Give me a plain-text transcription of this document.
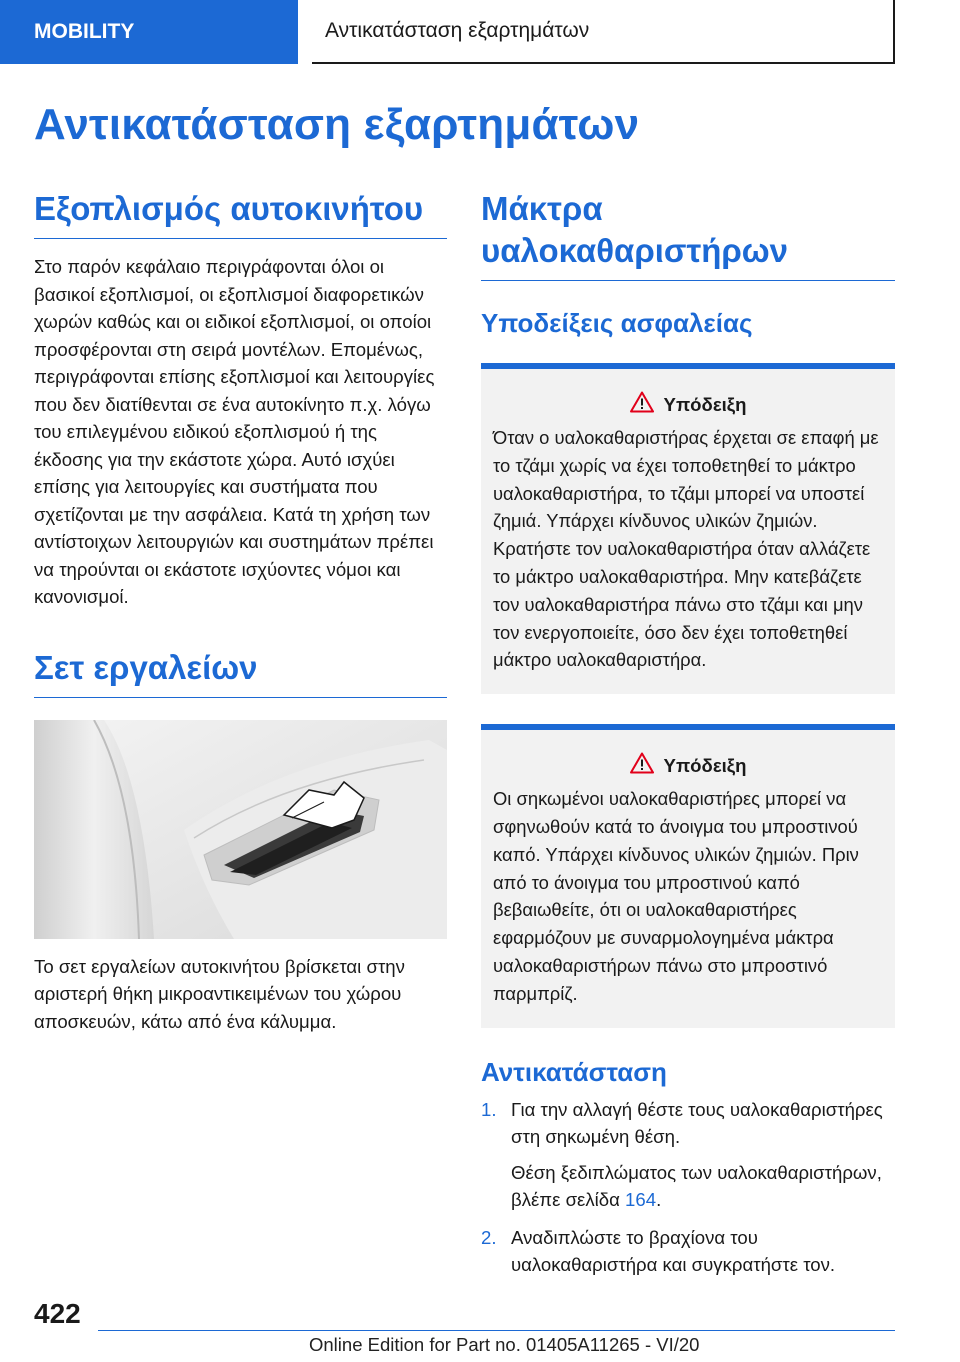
MOBILITY	Αντικατάσταση εξαρτημάτων
Αντικατάσταση εξαρτημάτων
Εξοπλισμός αυτοκινήτου

Στο παρόν κεφάλαιο περιγράφονται όλοι οι βασικοί εξοπλισμοί, οι εξοπλισμοί διαφορετικών χωρών καθώς και οι ειδικοί εξοπλισμοί, οι οποίοι προσφέρονται στη σειρά μοντέλων. Επομένως, περιγράφονται επίσης εξοπλισμοί και λειτουργίες που δεν διατίθενται σε ένα αυτοκίνητο π.χ. λόγω του επιλεγμένου ειδικού εξοπλισμού ή της έκδοσης για την εκάστοτε χώρα. Αυτό ισχύει επίσης για λειτουργίες και συστήματα που σχετίζονται με την ασφάλεια. Κατά τη χρήση των αντίστοιχων λειτουργιών και συστημάτων πρέπει να τηρούνται οι εκάστοτε ισχύοντες νόμοι και κανονισμοί.

Σετ εργαλείων

Το σετ εργαλείων αυτοκινήτου βρίσκεται στην αριστερή θήκη μικροαντικειμένων του χώρου αποσκευών, κάτω από ένα κάλυμμα.

Μάκτρα υαλοκαθαριστήρων
Υποδείξεις ασφαλείας
Υπόδειξη

Όταν ο υαλοκαθαριστήρας έρχεται σε επαφή με το τζάμι χωρίς να έχει τοποθετηθεί το μάκτρο υαλοκαθαριστήρα, το τζάμι μπορεί να υποστεί ζημιά. Υπάρχει κίνδυνος υλικών ζημιών. Κρατήστε τον υαλοκαθαριστήρα όταν αλλάζετε το μάκτρο υαλοκαθαριστήρα. Μην κατεβάζετε τον υαλοκαθαριστήρα πάνω στο τζάμι και μην τον ενεργοποιείτε, όσο δεν έχει τοποθετηθεί μάκτρο υαλοκαθαριστήρα.

Υπόδειξη

Οι σηκωμένοι υαλοκαθαριστήρες μπορεί να σφηνωθούν κατά το άνοιγμα του μπροστινού καπό. Υπάρχει κίνδυνος υλικών ζημιών. Πριν από το άνοιγμα του μπροστινού καπό βεβαιωθείτε, ότι οι υαλοκαθαριστήρες εφαρμόζουν με συναρμολογημένα μάκτρα υαλοκαθαριστήρων πάνω στο μπροστινό παρμπρίζ.

Αντικατάσταση
1. Για την αλλαγή θέστε τους υαλοκαθαριστήρες στη σηκωμένη θέση.

Θέση ξεδιπλώματος των υαλοκαθαριστήρων, βλέπε σελίδα 164.

2. Αναδιπλώστε το βραχίονα του υαλοκαθαριστήρα και συγκρατήστε τον.

422
Online Edition for Part no. 01405A11265 - VI/20
